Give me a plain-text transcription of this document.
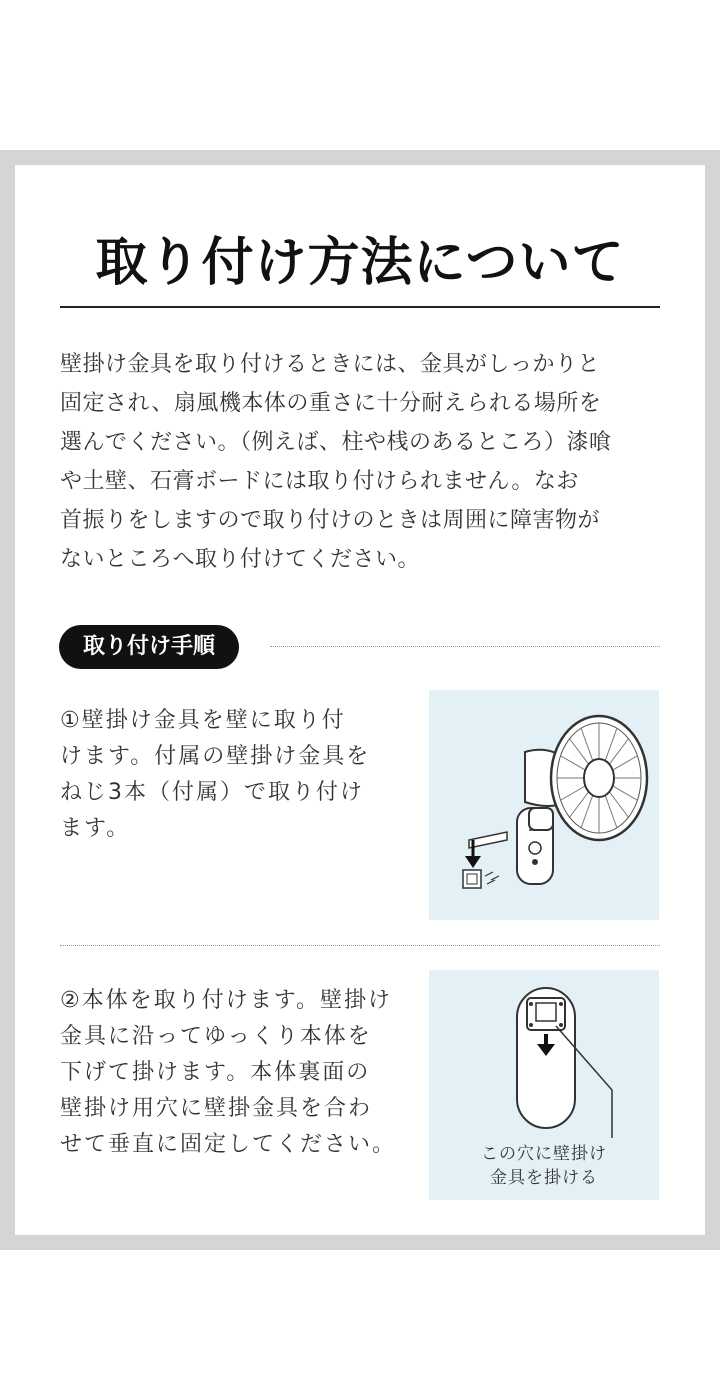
取り付け方法について
壁掛け金具を取り付けるときには、金具がしっかりと
固定され、扇風機本体の重さに十分耐えられる場所を
選んでください。（例えば、柱や桟のあるところ）漆喰
や土壁、石膏ボードには取り付けられません。なお
首振りをしますので取り付けのときは周囲に障害物が
ないところへ取り付けてください。
取り付け手順
①壁掛け金具を壁に取り付
けます。付属の壁掛け金具を
ねじ3本（付属）で取り付け
ます。
②本体を取り付けます。壁掛け
金具に沿ってゆっくり本体を
下げて掛けます。本体裏面の
壁掛け用穴に壁掛金具を合わ
せて垂直に固定してください。	この穴に壁掛け
金具を掛ける
